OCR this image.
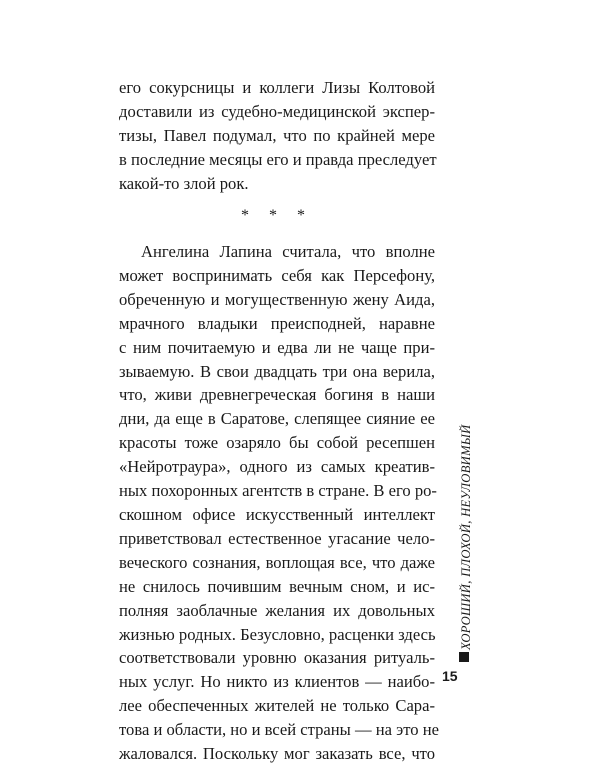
его сокурсницы и коллеги Лизы Колтовой
доставили из судебно-медицинской экспер-
тизы, Павел подумал, что по крайней мере
в последние месяцы его и правда преследует
какой-то злой рок.
* * *
Ангелина Лапина считала, что вполне
может воспринимать себя как Персефону,
обреченную и могущественную жену Аида,
мрачного владыки преисподней, наравне
с ним почитаемую и едва ли не чаще при-
зываемую. В свои двадцать три она верила,
что, живи древнегреческая богиня в наши
дни, да еще в Саратове, слепящее сияние ее
красоты тоже озаряло бы собой ресепшен
«Нейротраура», одного из самых креатив-
ных похоронных агентств в стране. В его ро-
скошном офисе искусственный интеллект
приветствовал естественное угасание чело-
веческого сознания, воплощая все, что даже
не снилось почившим вечным сном, и ис-
полняя заоблачные желания их довольных
жизнью родных. Безусловно, расценки здесь
соответствовали уровню оказания ритуаль-
ных услуг. Но никто из клиентов — наибо-
лее обеспеченных жителей не только Сара-
това и области, но и всей страны — на это не
жаловался. Поскольку мог заказать все, что
ХОРОШИЙ, ПЛОХОЙ, НЕУЛОВИМЫЙ
15
